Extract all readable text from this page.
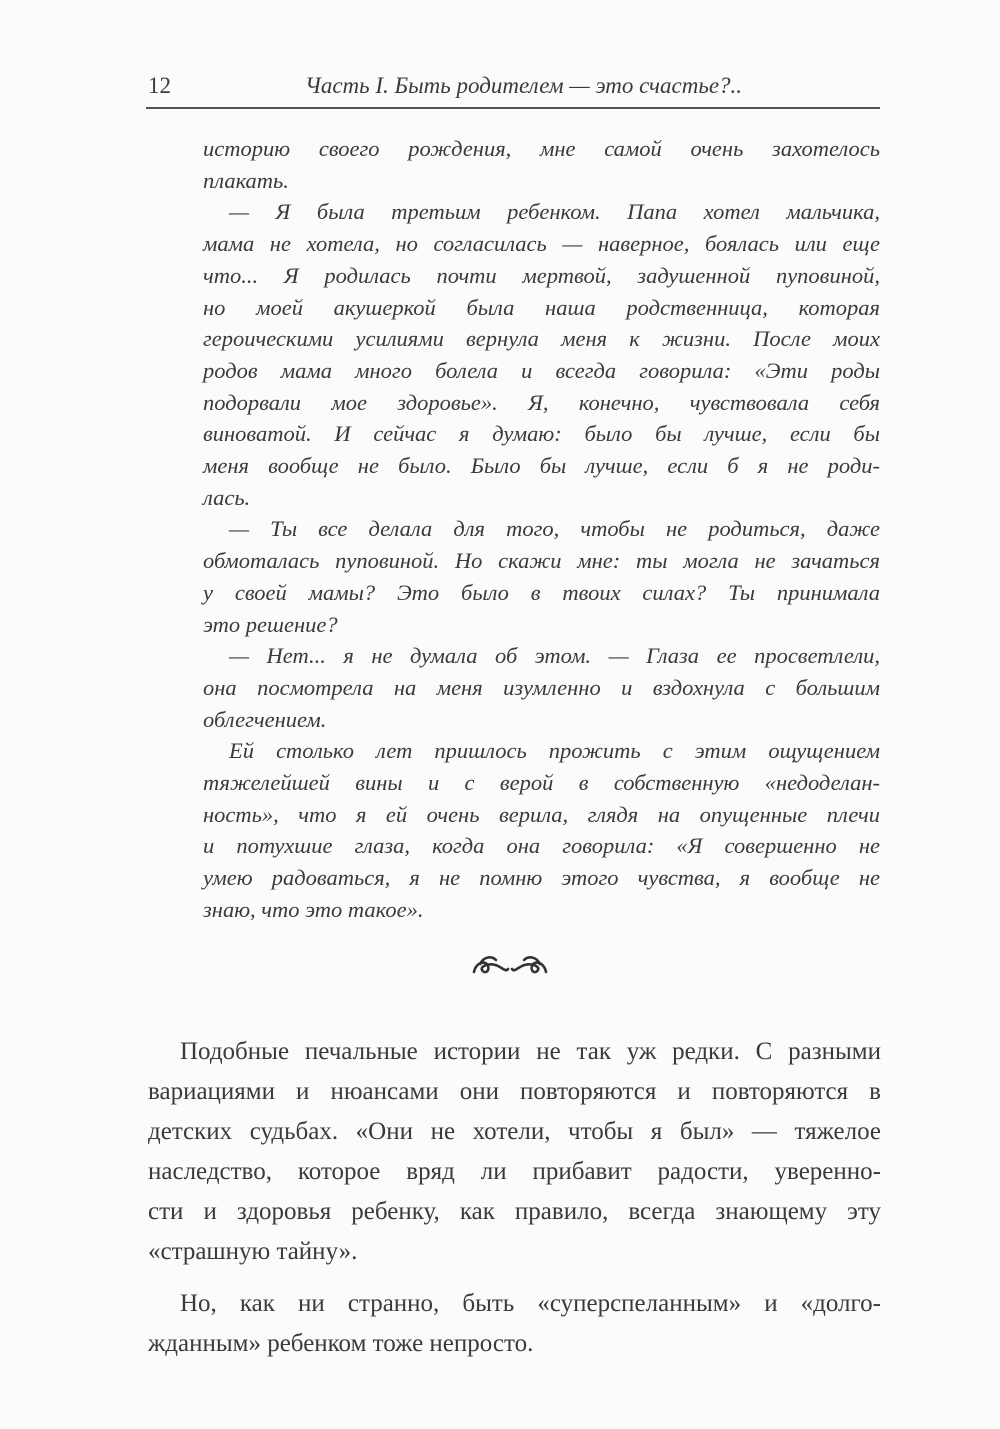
12	Часть I. Быть родителем — это счастье?..
историю своего рождения, мне самой очень захотелось
плакать.
— Я была третьим ребенком. Папа хотел мальчика,
мама не хотела, но согласилась — наверное, боялась или еще
что... Я родилась почти мертвой, задушенной пуповиной,
но моей акушеркой была наша родственница, которая
героическими усилиями вернула меня к жизни. После моих
родов мама много болела и всегда говорила: «Эти роды
подорвали мое здоровье». Я, конечно, чувствовала себя
виноватой. И сейчас я думаю: было бы лучше, если бы
меня вообще не было. Было бы лучше, если б я не роди-
лась.
— Ты все делала для того, чтобы не родиться, даже
обмоталась пуповиной. Но скажи мне: ты могла не зачаться
у своей мамы? Это было в твоих силах? Ты принимала
это решение?
— Нет... я не думала об этом. — Глаза ее просветлели,
она посмотрела на меня изумленно и вздохнула с большим
облегчением.
Ей столько лет пришлось прожить с этим ощущением
тяжелейшей вины и с верой в собственную «недоделан-
ность», что я ей очень верила, глядя на опущенные плечи
и потухшие глаза, когда она говорила: «Я совершенно не
умею радоваться, я не помню этого чувства, я вообще не
знаю, что это такое».
Подобные печальные истории не так уж редки. С разными
вариациями и нюансами они повторяются и повторяются в
детских судьбах. «Они не хотели, чтобы я был» — тяжелое
наследство, которое вряд ли прибавит радости, уверенно-
сти и здоровья ребенку, как правило, всегда знающему эту
«страшную тайну».
Но, как ни странно, быть «суперспеланным» и «долго-
жданным» ребенком тоже непросто.
